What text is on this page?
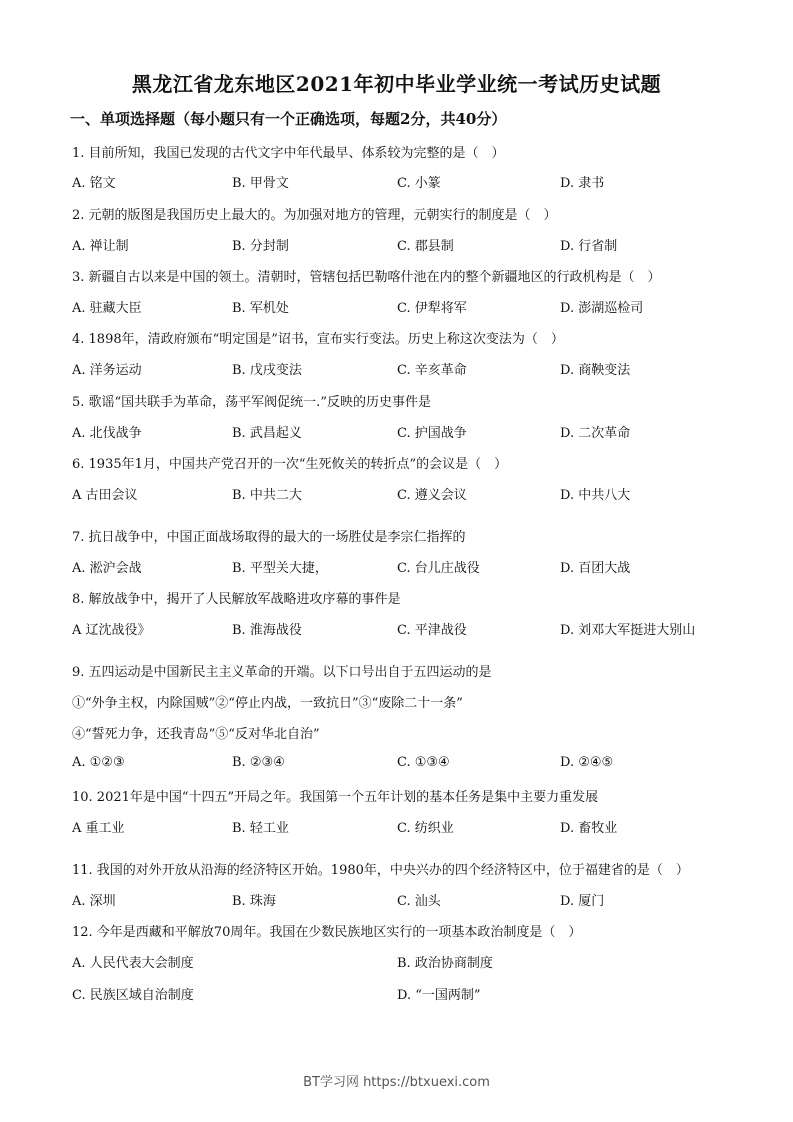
黑龙江省龙东地区2021年初中毕业学业统一考试历史试题
一、单项选择题（每小题只有一个正确选项，每题2分，共40分）
1. 目前所知，我国已发现的古代文字中年代最早、体系较为完整的是（　）
A. 铭文	B. 甲骨文	C. 小篆	D. 隶书
2. 元朝的版图是我国历史上最大的。为加强对地方的管理，元朝实行的制度是（　）
A. 禅让制	B. 分封制	C. 郡县制	D. 行省制
3. 新疆自古以来是中国的领土。清朝时，管辖包括巴勒喀什池在内的整个新疆地区的行政机构是（　）
A. 驻藏大臣	B. 军机处	C. 伊犁将军	D. 澎湖巡检司
4. 1898年，清政府颁布“明定国是”诏书，宣布实行变法。历史上称这次变法为（　）
A. 洋务运动	B. 戊戌变法	C. 辛亥革命	D. 商鞅变法
5. 歌谣“国共联手为革命，荡平军阀促统一.”反映的历史事件是
A. 北伐战争	B. 武昌起义	C. 护国战争	D. 二次革命
6. 1935年1月，中国共产党召开的一次“生死攸关的转折点”的会议是（　）
A 古田会议	B. 中共二大	C. 遵义会议	D. 中共八大
7. 抗日战争中，中国正面战场取得的最大的一场胜仗是李宗仁指挥的
A. 淞沪会战	B. 平型关大捷，	C. 台儿庄战役	D. 百团大战
8. 解放战争中，揭开了人民解放军战略进攻序幕的事件是
A 辽沈战役》	B. 淮海战役	C. 平津战役	D. 刘邓大军挺进大别山
9. 五四运动是中国新民主主义革命的开端。以下口号出自于五四运动的是
①“外争主权，内除国贼”②“停止内战，一致抗日”③“废除二十一条”
④“誓死力争，还我青岛”⑤“反对华北自治”
A. ①②③	B. ②③④	C. ①③④	D. ②④⑤
10. 2021年是中国“十四五”开局之年。我国第一个五年计划的基本任务是集中主要力重发展
A 重工业	B. 轻工业	C. 纺织业	D. 畜牧业
11. 我国的对外开放从沿海的经济特区开始。1980年，中央兴办的四个经济特区中，位于福建省的是（　）
A. 深圳	B. 珠海	C. 汕头	D. 厦门
12. 今年是西藏和平解放70周年。我国在少数民族地区实行的一项基本政治制度是（　）
A. 人民代表大会制度	B. 政治协商制度
C. 民族区域自治制度	D. “一国两制”
BT学习网 https://btxuexi.com
